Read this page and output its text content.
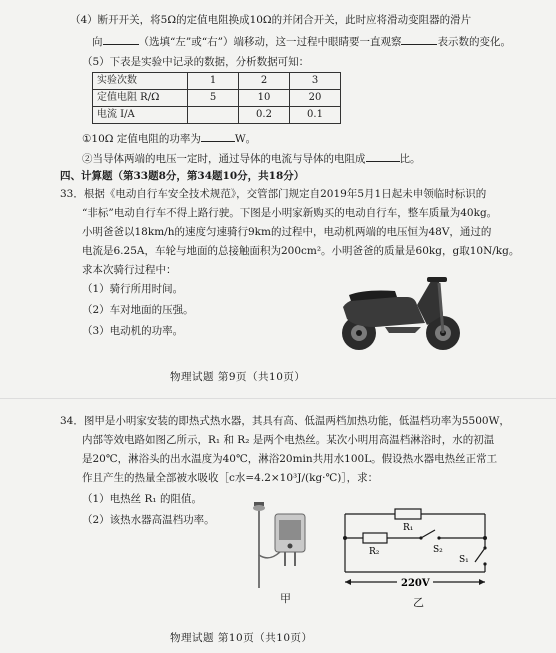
（4）断开开关，将5Ω的定值电阻换成10Ω的并闭合开关，此时应将滑动变阻器的滑片
向	（选填“左”或“右”）端移动，这一过程中眼睛要一直观察	表示数的变化。
（5）下表是实验中记录的数据，分析数据可知：
实验次数	1	2	3
定值电阻 R/Ω	5	10	20
电流 I/A		0.2	0.1
①10Ω 定值电阻的功率为	W。
②当导体两端的电压一定时，通过导体的电流与导体的电阻成	比。
四、计算题（第33题8分，第34题10分，共18分）
33．根据《电动自行车安全技术规范》，交管部门规定自2019年5月1日起未申领临时标识的
“非标”电动自行车不得上路行驶。下图是小明家新购买的电动自行车，整车质量为40kg。
小明爸爸以18km/h的速度匀速骑行9km的过程中，电动机两端的电压恒为48V，通过的
电流是6.25A，车轮与地面的总接触面积为200cm²。小明爸爸的质量是60kg，g取10N/kg。
求本次骑行过程中：
（1）骑行所用时间。
（2）车对地面的压强。
（3）电动机的功率。
物理试题 第9页（共10页）
34．图甲是小明家安装的即热式热水器，其具有高、低温两档加热功能，低温档功率为5500W，
内部等效电路如图乙所示，R₁ 和 R₂ 是两个电热丝。某次小明用高温档淋浴时，水的初温
是20℃，淋浴头的出水温度为40℃，淋浴20min共用水100L。假设热水器电热丝正常工
作且产生的热量全部被水吸收［c水=4.2×10³J/(kg·℃)］，求：
（1）电热丝 R₁ 的阻值。
（2）该热水器高温档功率。
甲
R₁
R₂	S₂
S₁
220V
乙
物理试题 第10页（共10页）
